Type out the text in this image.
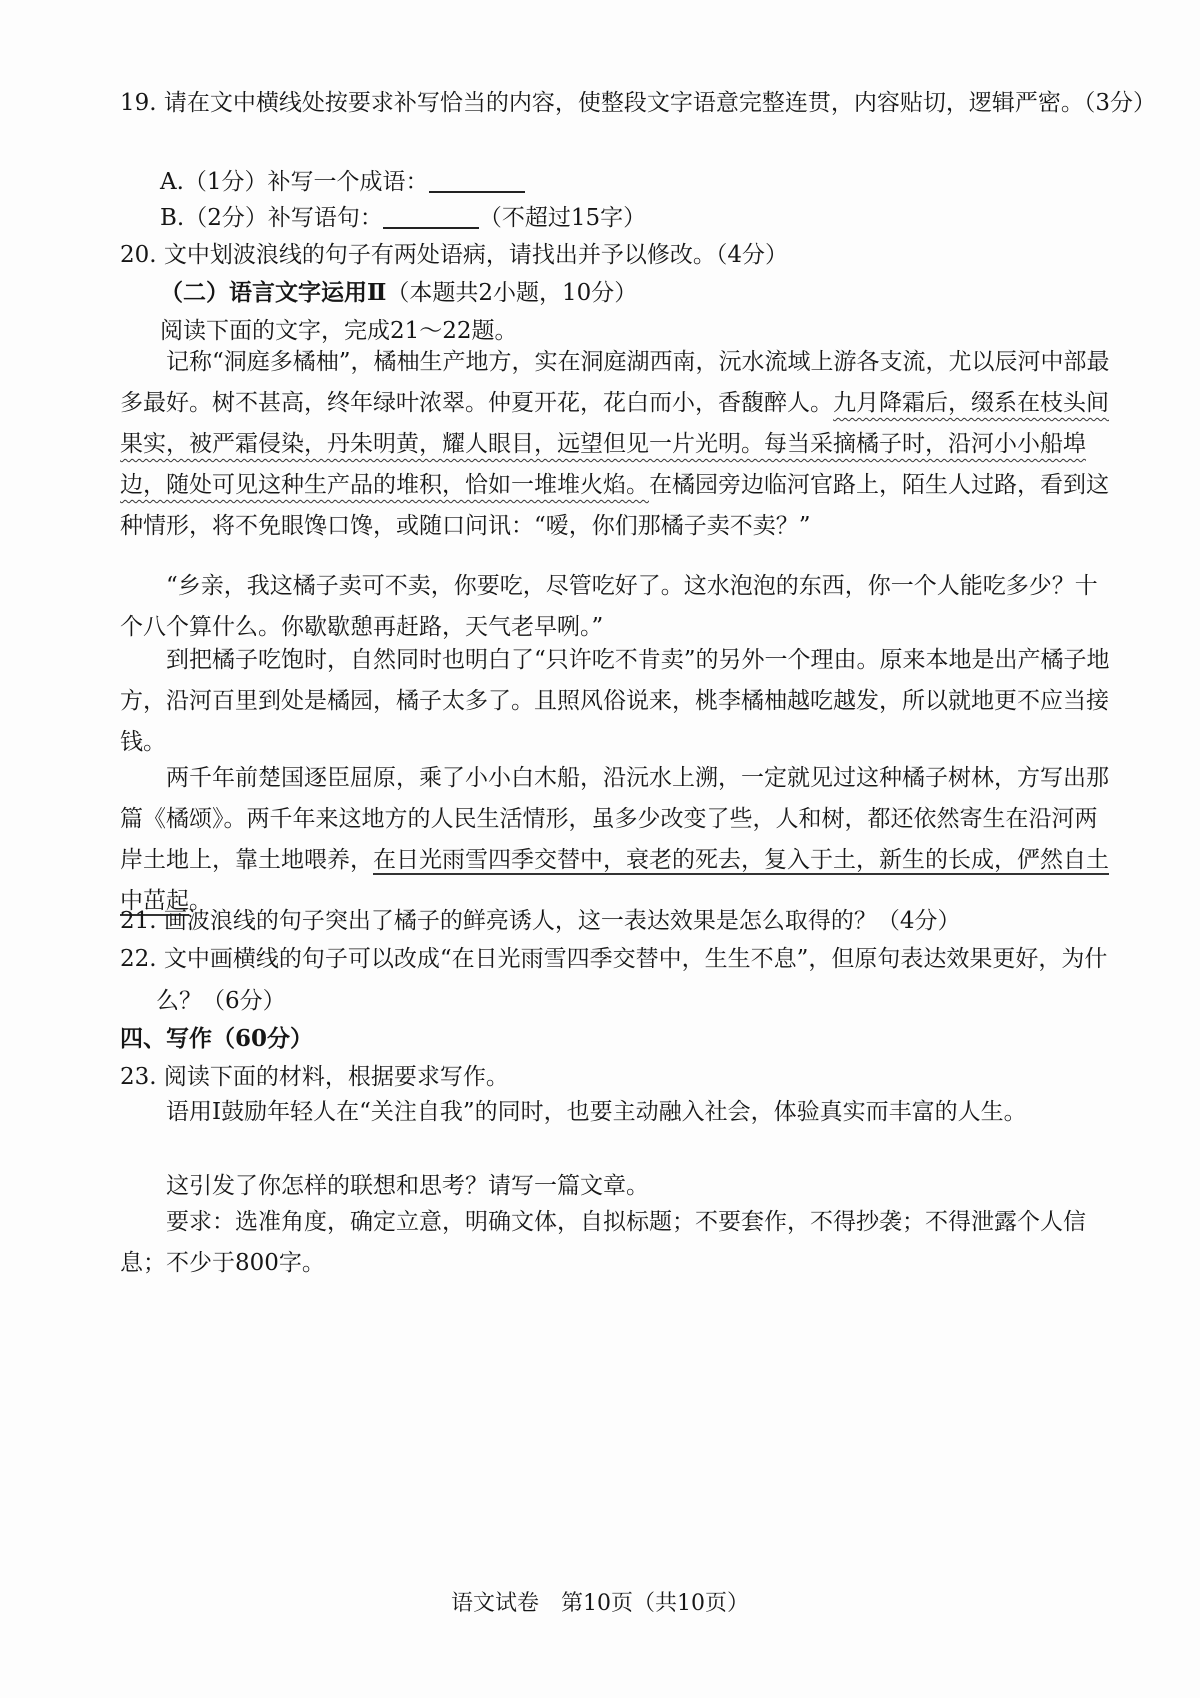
19. 请在文中横线处按要求补写恰当的内容，使整段文字语意完整连贯，内容贴切，逻辑严密。（3分）
A.（1分）补写一个成语：
B.（2分）补写语句：	（不超过15字）
20. 文中划波浪线的句子有两处语病，请找出并予以修改。（4分）
（二）语言文字运用Ⅱ（本题共2小题，10分）
阅读下面的文字，完成21～22题。
记称“洞庭多橘柚”，橘柚生产地方，实在洞庭湖西南，沅水流域上游各支流，尤以辰河中部最多最好。树不甚高，终年绿叶浓翠。仲夏开花，花白而小，香馥醉人。九月降霜后，缀系在枝头间果实，被严霜侵染，丹朱明黄，耀人眼目，远望但见一片光明。每当采摘橘子时，沿河小小船埠边，随处可见这种生产品的堆积，恰如一堆堆火焰。在橘园旁边临河官路上，陌生人过路，看到这种情形，将不免眼馋口馋，或随口问讯：“嗳，你们那橘子卖不卖？”
“乡亲，我这橘子卖可不卖，你要吃，尽管吃好了。这水泡泡的东西，你一个人能吃多少？十个八个算什么。你歇歇憩再赶路，天气老早咧。”
到把橘子吃饱时，自然同时也明白了“只许吃不肯卖”的另外一个理由。原来本地是出产橘子地方，沿河百里到处是橘园，橘子太多了。且照风俗说来，桃李橘柚越吃越发，所以就地更不应当接钱。
两千年前楚国逐臣屈原，乘了小小白木船，沿沅水上溯，一定就见过这种橘子树林，方写出那篇《橘颂》。两千年来这地方的人民生活情形，虽多少改变了些，人和树，都还依然寄生在沿河两岸土地上，靠土地喂养，在日光雨雪四季交替中，衰老的死去，复入于土，新生的长成，俨然自土中茁起。
21. 画波浪线的句子突出了橘子的鲜亮诱人，这一表达效果是怎么取得的？（4分）
22. 文中画横线的句子可以改成“在日光雨雪四季交替中，生生不息”，但原句表达效果更好，为什么？（6分）
四、写作（60分）
23. 阅读下面的材料，根据要求写作。
语用Ⅰ鼓励年轻人在“关注自我”的同时，也要主动融入社会，体验真实而丰富的人生。
这引发了你怎样的联想和思考？请写一篇文章。
要求：选准角度，确定立意，明确文体，自拟标题；不要套作，不得抄袭；不得泄露个人信息；不少于800字。
语文试卷　第10页（共10页）
